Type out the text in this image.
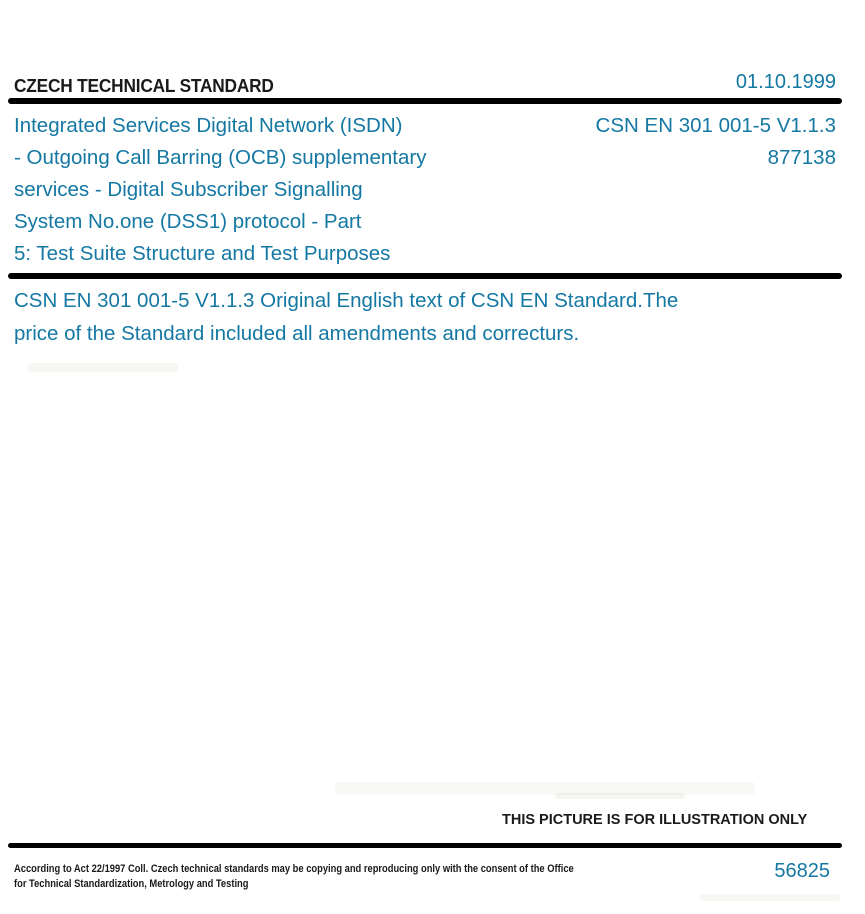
CZECH TECHNICAL STANDARD	01.10.1999
Integrated Services Digital Network (ISDN)
- Outgoing Call Barring (OCB) supplementary
services - Digital Subscriber Signalling
System No.one (DSS1) protocol - Part
5: Test Suite Structure and Test Purposes
CSN EN 301 001-5 V1.1.3
877138
CSN EN 301 001-5 V1.1.3 Original English text of CSN EN Standard.The
price of the Standard included all amendments and correcturs.
THIS PICTURE IS FOR ILLUSTRATION ONLY
According to Act 22/1997 Coll. Czech technical standards may be copying and reproducing only with the consent of the Office
for Technical Standardization, Metrology and Testing
56825
